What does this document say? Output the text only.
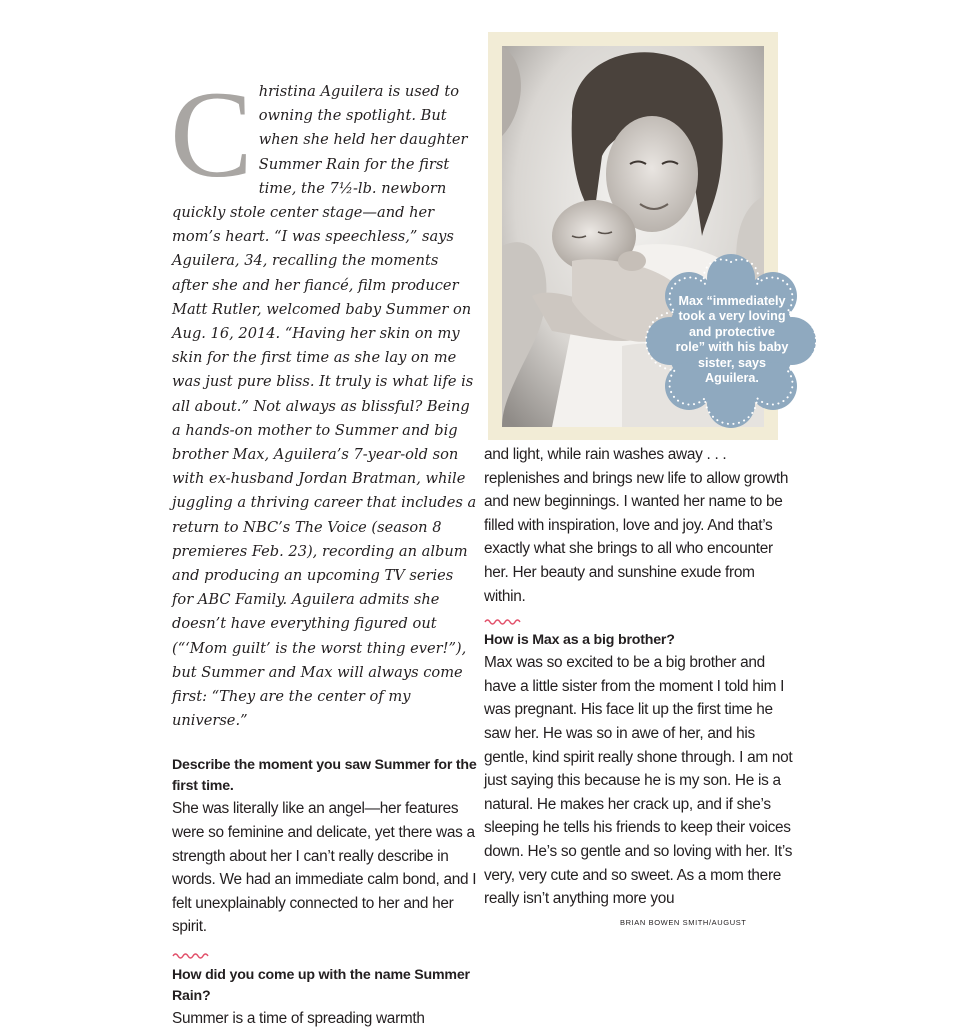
Christina Aguilera is used to owning the spotlight. But when she held her daughter Summer Rain for the first time, the 7½-lb. newborn quickly stole center stage—and her mom’s heart. “I was speechless,” says Aguilera, 34, recalling the moments after she and her fiancé, film producer Matt Rutler, welcomed baby Summer on Aug. 16, 2014. “Having her skin on my skin for the first time as she lay on me was just pure bliss. It truly is what life is all about.” Not always as blissful? Being a hands-on mother to Summer and big brother Max, Aguilera’s 7-year-old son with ex-husband Jordan Bratman, while juggling a thriving career that includes a return to NBC’s The Voice (season 8 premieres Feb. 23), recording an album and producing an upcoming TV series for ABC Family. Aguilera admits she doesn’t have everything figured out (“‘Mom guilt’ is the worst thing ever!”), but Summer and Max will always come first: “They are the center of my universe.”

Describe the moment you saw Summer for the first time.

She was literally like an angel—her features were so feminine and delicate, yet there was a strength about her I can’t really describe in words. We had an immediate calm bond, and I felt unexplainably connected to her and her spirit.

How did you come up with the name Summer Rain?

Summer is a time of spreading warmth

Max “immediately took a very loving and protective role” with his baby sister, says Aguilera.

and light, while rain washes away . . . replenishes and brings new life to allow growth and new beginnings. I wanted her name to be filled with inspiration, love and joy. And that’s exactly what she brings to all who encounter her. Her beauty and sunshine exude from within.

How is Max as a big brother?

Max was so excited to be a big brother and have a little sister from the moment I told him I was pregnant. His face lit up the first time he saw her. He was so in awe of her, and his gentle, kind spirit really shone through. I am not just saying this because he is my son. He is a natural. He makes her crack up, and if she’s sleeping he tells his friends to keep their voices down. He’s so gentle and so loving with her. It’s very, very cute and so sweet. As a mom there really isn’t anything more you

BRIAN BOWEN SMITH/AUGUST
